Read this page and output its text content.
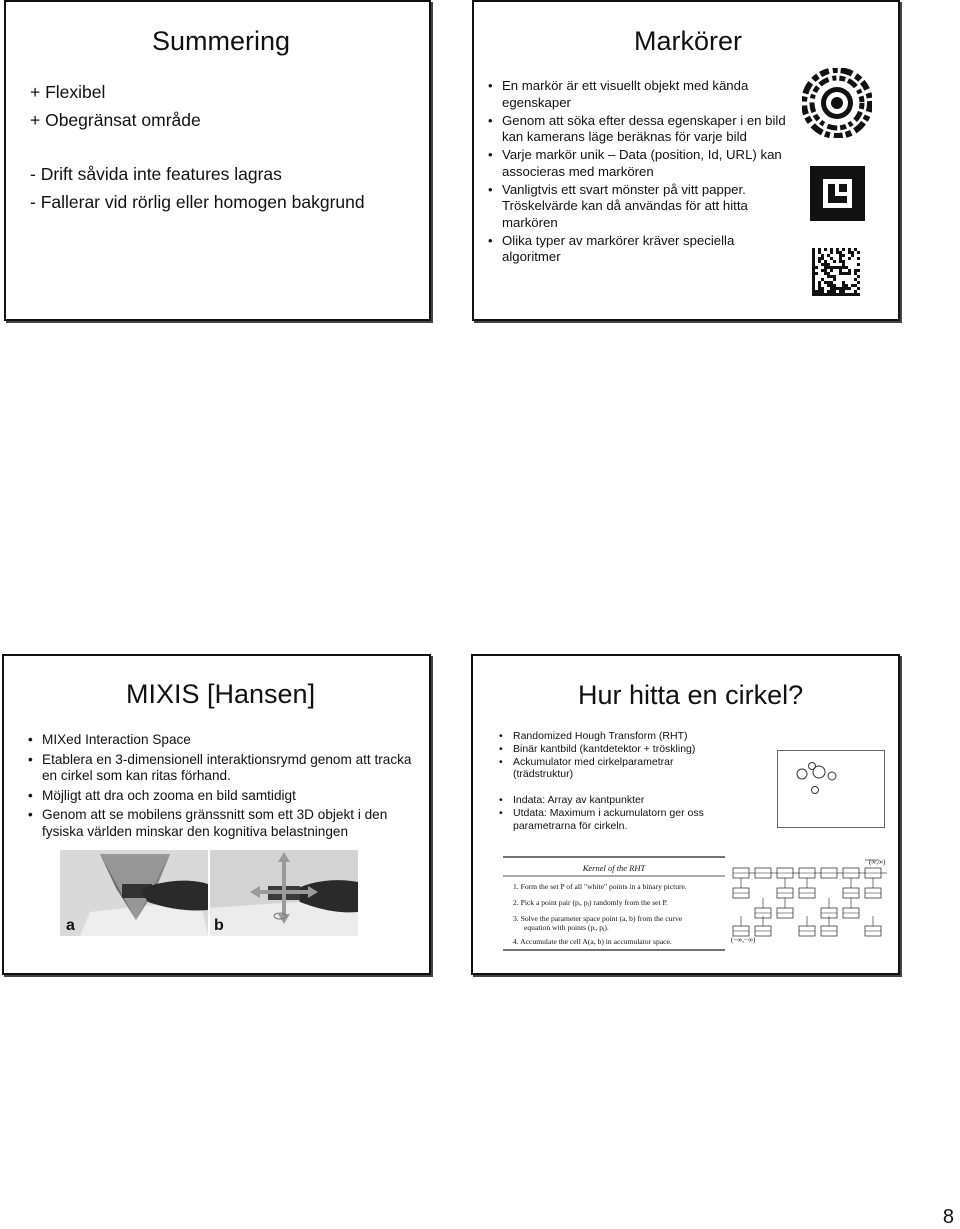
Summering
+ Flexibel
+ Obegränsat område
- Drift såvida inte features lagras
- Fallerar vid rörlig eller homogen bakgrund
Markörer
• En markör är ett visuellt objekt med kända egenskaper
• Genom att söka efter dessa egenskaper i en bild kan kamerans läge beräknas för varje bild
• Varje markör unik – Data (position, Id, URL) kan associeras med markören
• Vanligtvis ett svart mönster på vitt papper. Tröskelvärde kan då användas för att hitta markören
• Olika typer av markörer kräver speciella algoritmer
MIXIS [Hansen]
• MIXed Interaction Space
• Etablera en 3-dimensionell interaktionsrymd genom att tracka en cirkel som kan ritas förhand.
• Möjligt att dra och zooma en bild samtidigt
• Genom att se mobilens gränssnitt som ett 3D objekt i den fysiska världen minskar den kognitiva belastningen
a	b
Hur hitta en cirkel?
• Randomized Hough Transform (RHT)
• Binär kantbild (kantdetektor + tröskling)
• Ackumulator med cirkelparametrar (trädstruktur)
• Indata: Array av kantpunkter
• Utdata: Maximum i ackumulatorn ger oss parametrarna för cirkeln.
Kernel of the RHT
1. Form the set P of all "white" points in a binary picture.
2. Pick a point pair (pᵢ, pⱼ) randomly from the set P.
3. Solve the parameter space point (a, b) from the curve
equation with points (pᵢ, pⱼ).
4. Accumulate the cell A(a, b) in accumulator space.
(∞,∞)
(−∞,−∞)
8
